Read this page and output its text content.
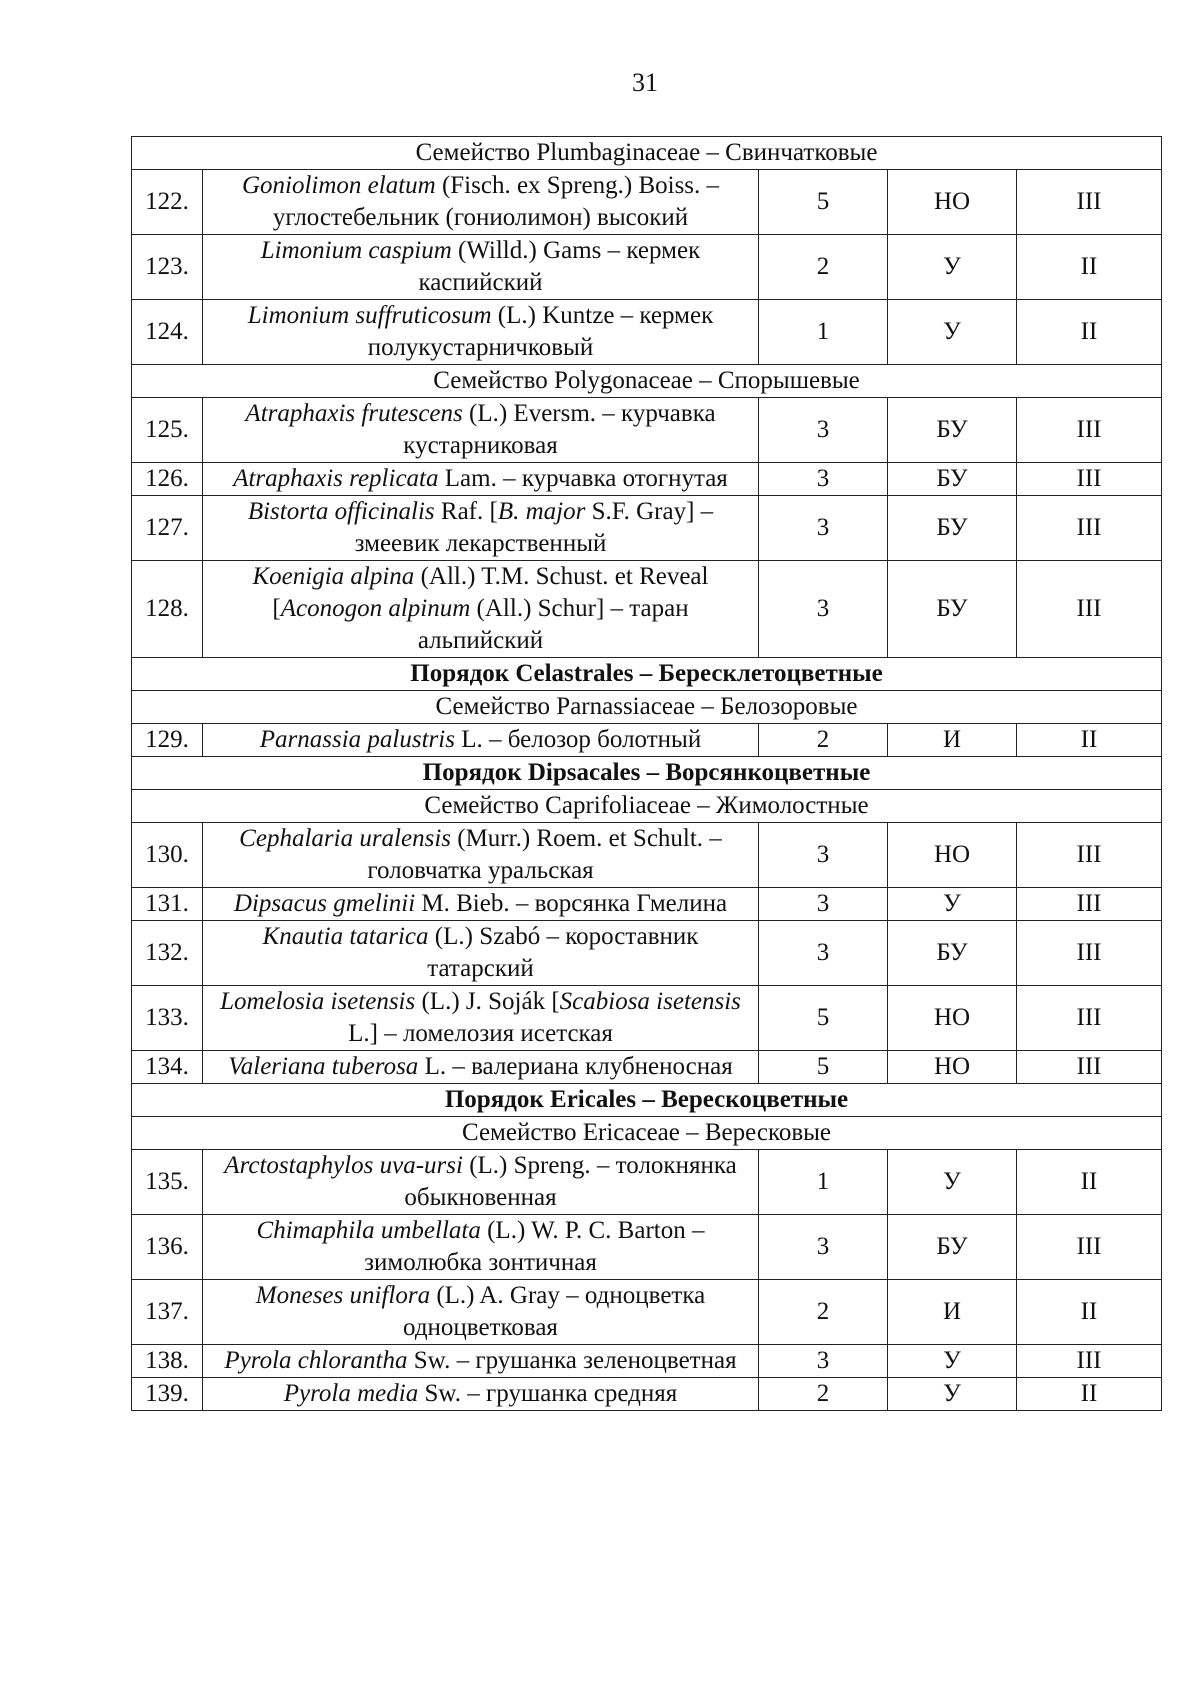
31
Семейство Plumbaginaceae – Свинчатковые				
122.	Goniolimon elatum (Fisch. ex Spreng.) Boiss. – углостебельник (гониолимон) высокий	5	НО	III
123.	Limonium caspium (Willd.) Gams – кермек каспийский	2	У	II
124.	Limonium suffruticosum (L.) Kuntze – кермек полукустарничковый	1	У	II
Семейство Polygonaceae – Спорышевые				
125.	Atraphaxis frutescens (L.) Eversm. – курчавка кустарниковая	3	БУ	III
126.	Atraphaxis replicata Lam. – курчавка отогнутая	3	БУ	III
127.	Bistorta officinalis Raf. [B. major S.F. Gray] – змеевик лекарственный	3	БУ	III
128.	Koenigia alpina (All.) T.M. Schust. et Reveal [Aconogon alpinum (All.) Schur] – таран альпийский	3	БУ	III
Порядок Celastrales – Бересклетоцветные				
Семейство Parnassiaceae – Белозоровые				
129.	Parnassia palustris L. – белозор болотный	2	И	II
Порядок Dipsacales – Ворсянкоцветные				
Семейство Caprifoliaceae – Жимолостные				
130.	Cephalaria uralensis (Murr.) Roem. et Schult. – головчатка уральская	3	НО	III
131.	Dipsacus gmelinii M. Bieb. – ворсянка Гмелина	3	У	III
132.	Knautia tatarica (L.) Szabó – короставник татарский	3	БУ	III
133.	Lomelosia isetensis (L.) J. Soják [Scabiosa isetensis L.] – ломелозия исетская	5	НО	III
134.	Valeriana tuberosa L. – валериана клубненосная	5	НО	III
Порядок Ericales – Верескоцветные				
Семейство Ericaceae – Вересковые				
135.	Arctostaphylos uva-ursi (L.) Spreng. – толокнянка обыкновенная	1	У	II
136.	Chimaphila umbellata (L.) W. P. C. Barton – зимолюбка зонтичная	3	БУ	III
137.	Moneses uniflora (L.) A. Gray – одноцветка одноцветковая	2	И	II
138.	Pyrola chlorantha Sw. – грушанка зеленоцветная	3	У	III
139.	Pyrola media Sw. – грушанка средняя	2	У	II
